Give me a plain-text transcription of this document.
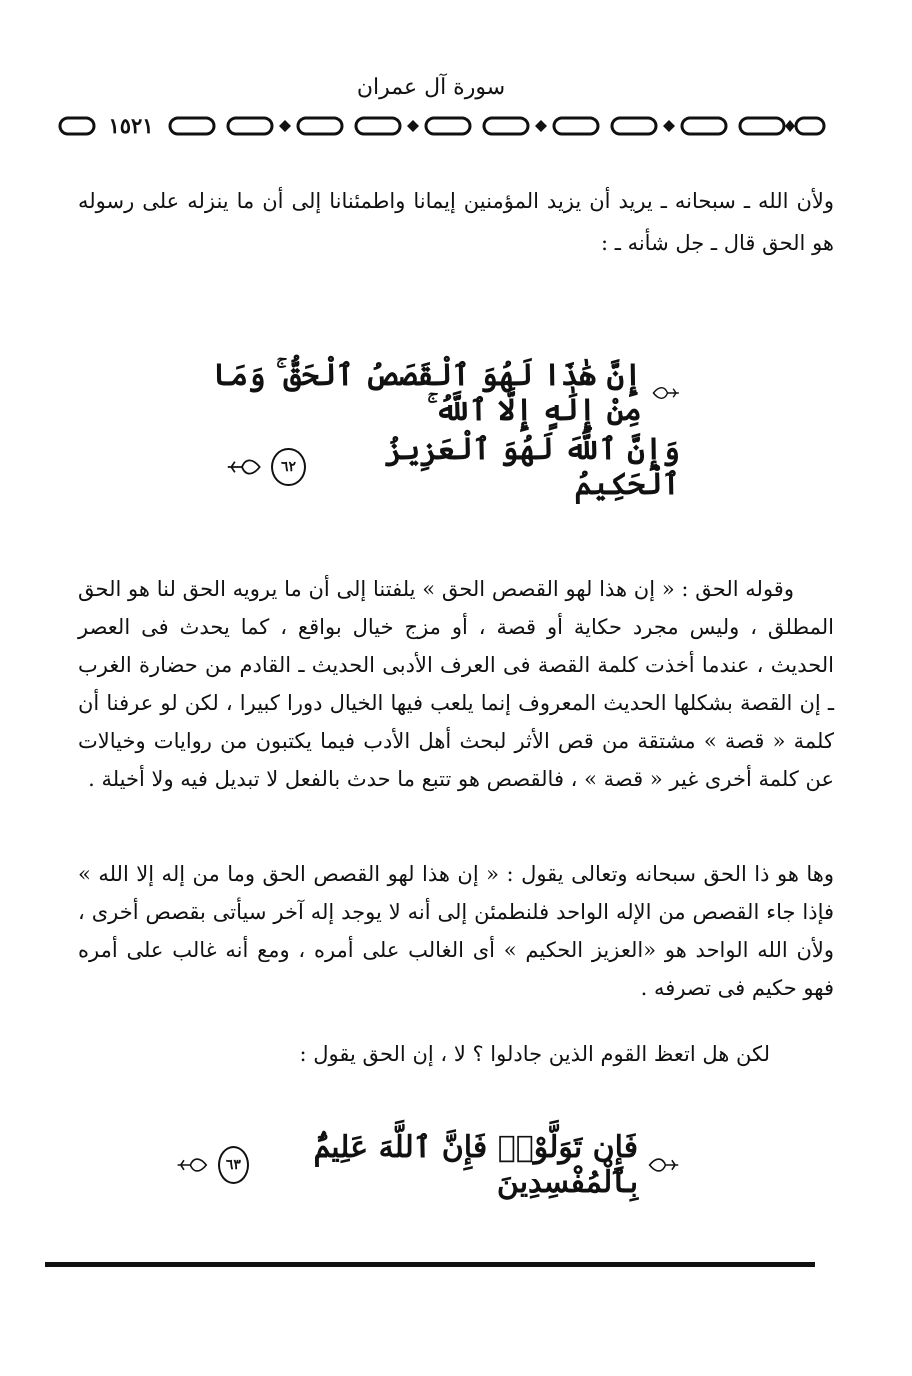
سورة آل عمران
١٥٢١
ولأن الله ـ سبحانه ـ يريد أن يزيد المؤمنين إيمانا واطمئنانا إلى أن ما ينزله على رسوله هو الحق قال ـ جل شأنه ـ :
إِنَّ هَٰذَا لَهُوَ ٱلْقَصَصُ ٱلْحَقُّ ۚ وَمَا مِنْ إِلَٰهٍ إِلَّا ٱللَّهُ ۚ
وَإِنَّ ٱللَّهَ لَهُوَ ٱلْعَزِيزُ ٱلْحَكِيمُ
٦٢
وقوله الحق : « إن هذا لهو القصص الحق » يلفتنا إلى أن ما يرويه الحق لنا هو الحق المطلق ، وليس مجرد حكاية أو قصة ، أو مزج خيال بواقع ، كما يحدث فى العصر الحديث ، عندما أخذت كلمة القصة فى العرف الأدبى الحديث ـ القادم من حضارة الغرب ـ إن القصة بشكلها الحديث المعروف إنما يلعب فيها الخيال دورا كبيرا ، لكن لو عرفنا أن كلمة « قصة » مشتقة من قص الأثر لبحث أهل الأدب فيما يكتبون من روايات وخيالات عن كلمة أخرى غير « قصة » ، فالقصص هو تتبع ما حدث بالفعل لا تبديل فيه ولا أخيلة .
وها هو ذا الحق سبحانه وتعالى يقول : « إن هذا لهو القصص الحق وما من إله إلا الله » فإذا جاء القصص من الإله الواحد فلنطمئن إلى أنه لا يوجد إله آخر سيأتى بقصص أخرى ، ولأن الله الواحد هو «العزيز الحكيم » أى الغالب على أمره ، ومع أنه غالب على أمره فهو حكيم فى تصرفه .
لكن هل اتعظ القوم الذين جادلوا ؟ لا ، إن الحق يقول :
فَإِن تَوَلَّوْا۟ فَإِنَّ ٱللَّهَ عَلِيمٌۢ بِٱلْمُفْسِدِينَ
٦٣
